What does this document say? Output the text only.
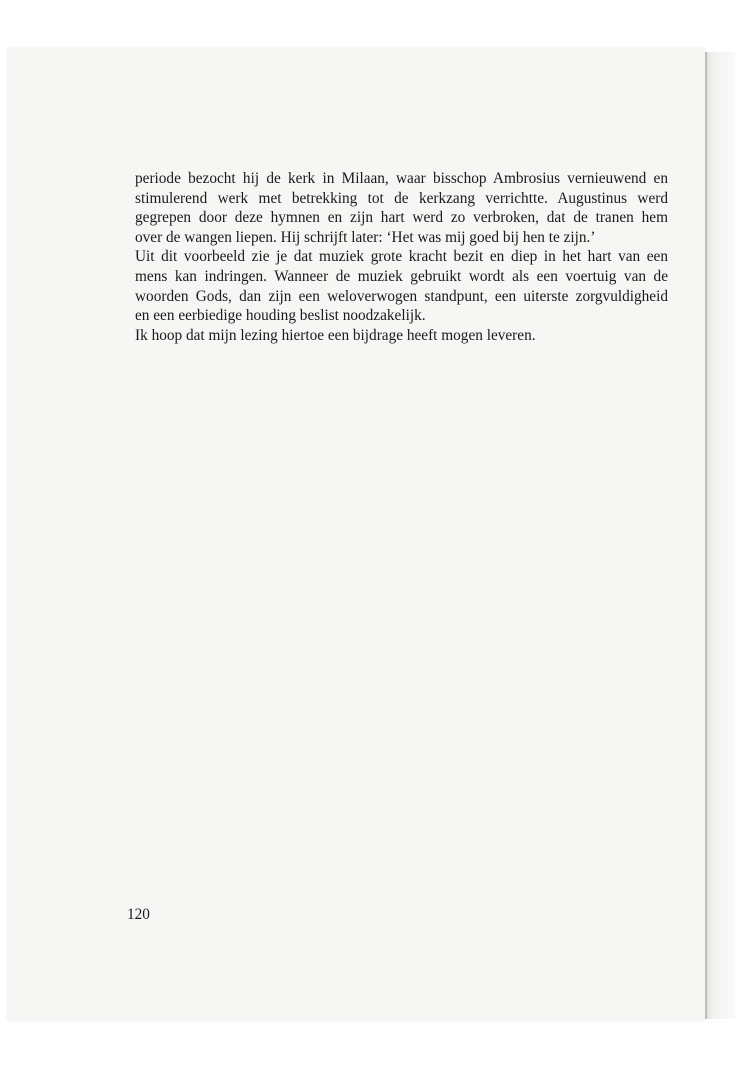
periode bezocht hij de kerk in Milaan, waar bisschop Ambrosius vernieuwend en
stimulerend werk met betrekking tot de kerkzang verrichtte. Augustinus werd
gegrepen door deze hymnen en zijn hart werd zo verbroken, dat de tranen hem
over de wangen liepen. Hij schrijft later: ‘Het was mij goed bij hen te zijn.’
Uit dit voorbeeld zie je dat muziek grote kracht bezit en diep in het hart van een
mens kan indringen. Wanneer de muziek gebruikt wordt als een voertuig van de
woorden Gods, dan zijn een weloverwogen standpunt, een uiterste zorgvuldigheid
en een eerbiedige houding beslist noodzakelijk.
Ik hoop dat mijn lezing hiertoe een bijdrage heeft mogen leveren.
120
